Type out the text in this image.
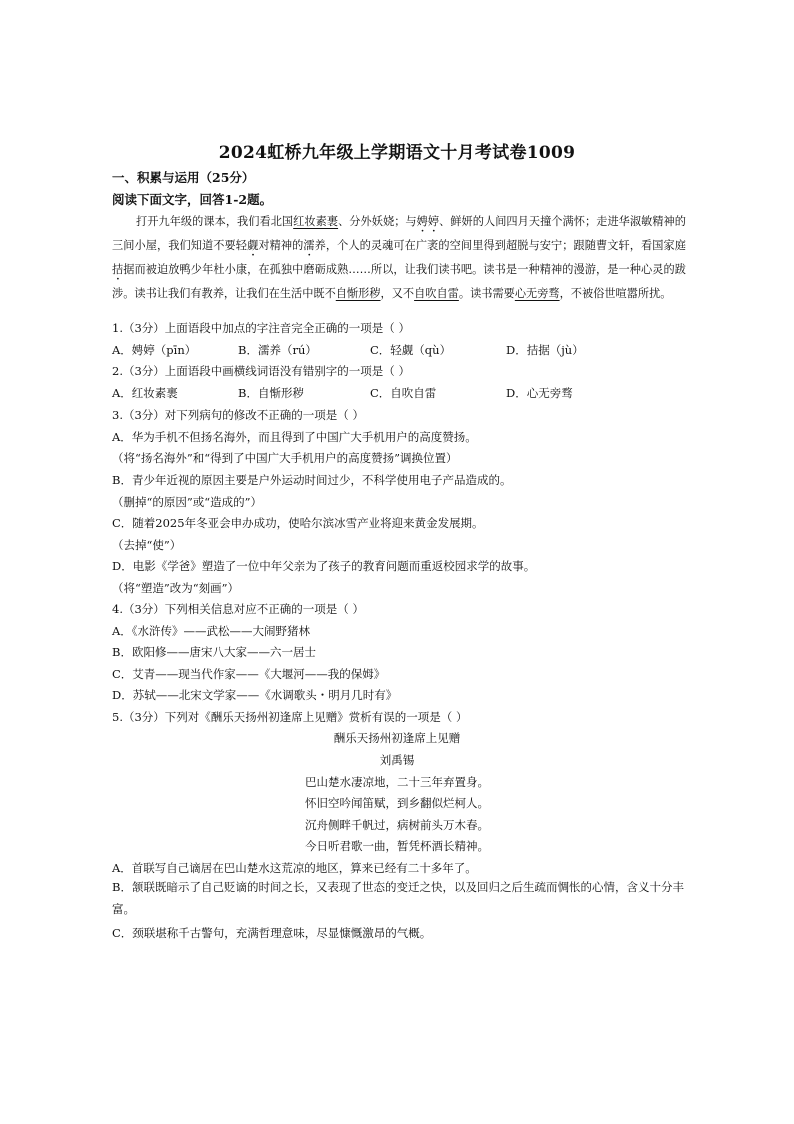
2024虹桥九年级上学期语文十月考试卷1009
一、积累与运用（25分）
阅读下面文字，回答1-2题。
打开九年级的课本，我们看北国红妆素裹、分外妖娆；与娉婷、鲜妍的人间四月天撞个满怀；走进华淑敏精神的三间小屋，我们知道不要轻觑对精神的濡养，个人的灵魂可在广袤的空间里得到超脱与安宁；跟随曹文轩，看国家庭拮据而被迫放鸭少年杜小康，在孤独中磨砺成熟……所以，让我们读书吧。读书是一种精神的漫游，是一种心灵的跋涉。读书让我们有教养，让我们在生活中既不自惭形秽，又不自吹自雷。读书需要心无旁骛，不被俗世喧嚣所扰。
1.（3分）上面语段中加点的字注音完全正确的一项是（ ）
A．娉婷（pīn）	B．濡养（rú）	C．轻觑（qù）	D．拮据（jù）
2.（3分）上面语段中画横线词语没有错别字的一项是（ ）
A．红妆素裹	B．自惭形秽	C．自吹自雷	D．心无旁骛
3.（3分）对下列病句的修改不正确的一项是（ ）
A．华为手机不但扬名海外，而且得到了中国广大手机用户的高度赞扬。
（将“扬名海外”和“得到了中国广大手机用户的高度赞扬”调换位置）
B．青少年近视的原因主要是户外运动时间过少，不科学使用电子产品造成的。
（删掉“的原因”或“造成的”）
C．随着2025年冬亚会申办成功，使哈尔滨冰雪产业将迎来黄金发展期。
（去掉“使”）
D．电影《学爸》塑造了一位中年父亲为了孩子的教育问题而重返校园求学的故事。
（将“塑造”改为“刻画”）
4.（3分）下列相关信息对应不正确的一项是（ ）
A．《水浒传》——武松——大闹野猪林
B．欧阳修——唐宋八大家——六一居士
C．艾青——现当代作家——《大堰河——我的保姆》
D．苏轼——北宋文学家——《水调歌头・明月几时有》
5.（3分）下列对《酬乐天扬州初逢席上见赠》赏析有误的一项是（ ）
酬乐天扬州初逢席上见赠
刘禹锡
巴山楚水凄凉地，二十三年弃置身。
怀旧空吟闻笛赋，到乡翻似烂柯人。
沉舟侧畔千帆过，病树前头万木春。
今日听君歌一曲，暂凭杯酒长精神。
A．首联写自己谪居在巴山楚水这荒凉的地区，算来已经有二十多年了。
B．颔联既暗示了自己贬谪的时间之长，又表现了世态的变迁之快，以及回归之后生疏而惆怅的心情，含义十分丰富。
C．颈联堪称千古警句，充满哲理意味，尽显慷慨激昂的气概。
